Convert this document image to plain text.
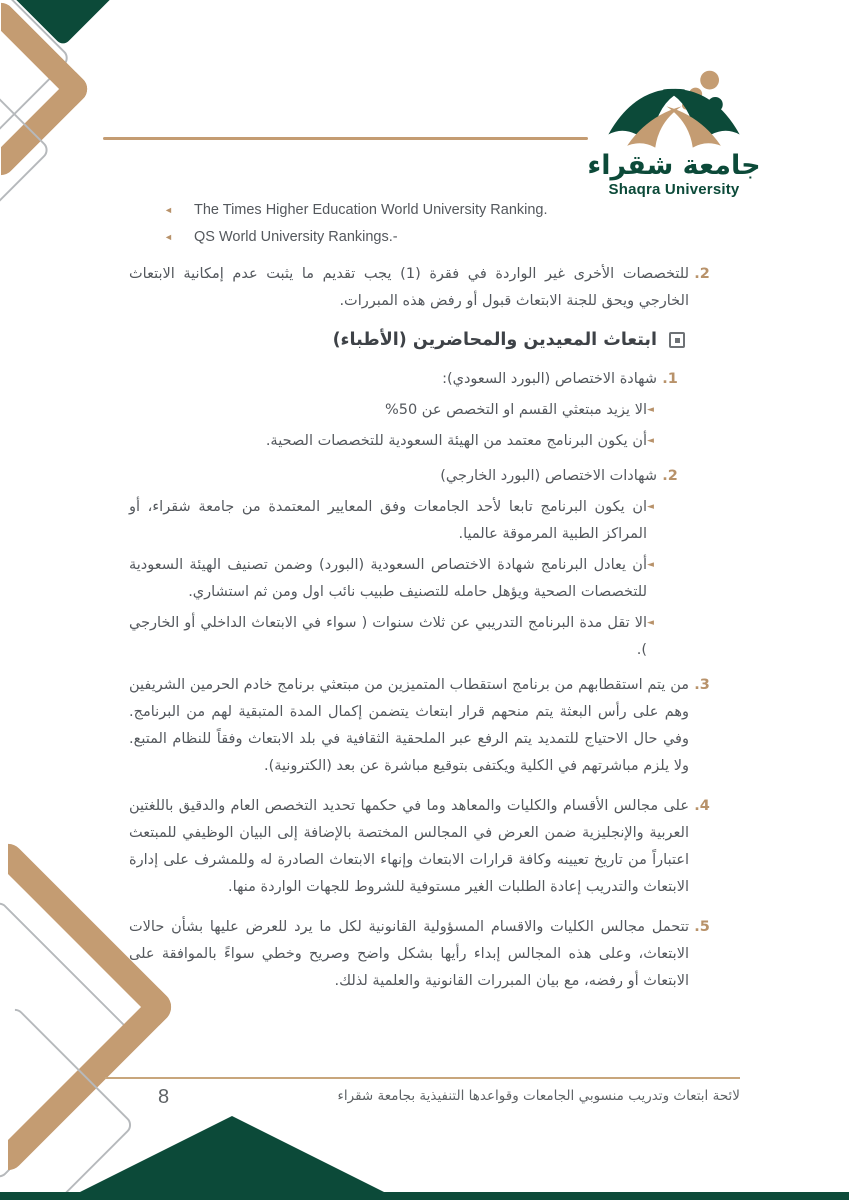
جامعة شقراء
Shaqra University
◄	The Times Higher Education World University Ranking.
◄	QS World University Rankings.-
2.

للتخصصات الأخرى غير الواردة في فقرة (1) يجب تقديم ما يثبت عدم إمكانية الابتعاث الخارجي ويحق للجنة الابتعاث قبول أو رفض هذه المبررات.

ابتعاث المعيدين والمحاضرين (الأطباء)
1.

شهادة الاختصاص (البورد السعودي):

◄

الا يزيد مبتعثي القسم او التخصص عن 50%

◄

أن يكون البرنامج معتمد من الهيئة السعودية للتخصصات الصحية.

2.

شهادات الاختصاص (البورد الخارجي)

◄

ان يكون البرنامج تابعا لأحد الجامعات وفق المعايير المعتمدة من جامعة شقراء، أو المراكز الطبية المرموقة عالميا.

◄

أن يعادل البرنامج شهادة الاختصاص السعودية (البورد) وضمن تصنيف الهيئة السعودية للتخصصات الصحية ويؤهل حامله للتصنيف طبيب نائب اول ومن ثم استشاري.

◄

الا تقل مدة البرنامج التدريبي عن ثلاث سنوات ( سواء في الابتعاث الداخلي أو الخارجي ).

3.

من يتم استقطابهم من برنامج استقطاب المتميزين من مبتعثي برنامج خادم الحرمين الشريفين وهم على رأس البعثة يتم منحهم قرار ابتعاث يتضمن إكمال المدة المتبقية لهم من البرنامج. وفي حال الاحتياج للتمديد يتم الرفع عبر الملحقية الثقافية في بلد الابتعاث وفقاً للنظام المتبع. ولا يلزم مباشرتهم في الكلية ويكتفى بتوقيع مباشرة عن بعد (الكترونية).

4.

على مجالس الأقسام والكليات والمعاهد وما في حكمها تحديد التخصص العام والدقيق باللغتين العربية والإنجليزية ضمن العرض في المجالس المختصة بالإضافة إلى البيان الوظيفي للمبتعث اعتباراً من تاريخ تعيينه وكافة قرارات الابتعاث وإنهاء الابتعاث الصادرة له وللمشرف على إدارة الابتعاث والتدريب إعادة الطلبات الغير مستوفية للشروط للجهات الواردة منها.

5.

تتحمل مجالس الكليات والاقسام المسؤولية القانونية لكل ما يرد للعرض عليها بشأن حالات الابتعاث، وعلى هذه المجالس إبداء رأيها بشكل واضح وصريح وخطي سواءً بالموافقة على الابتعاث أو رفضه، مع بيان المبررات القانونية والعلمية لذلك.

8	لائحة ابتعاث وتدريب منسوبي الجامعات وقواعدها التنفيذية بجامعة شقراء
